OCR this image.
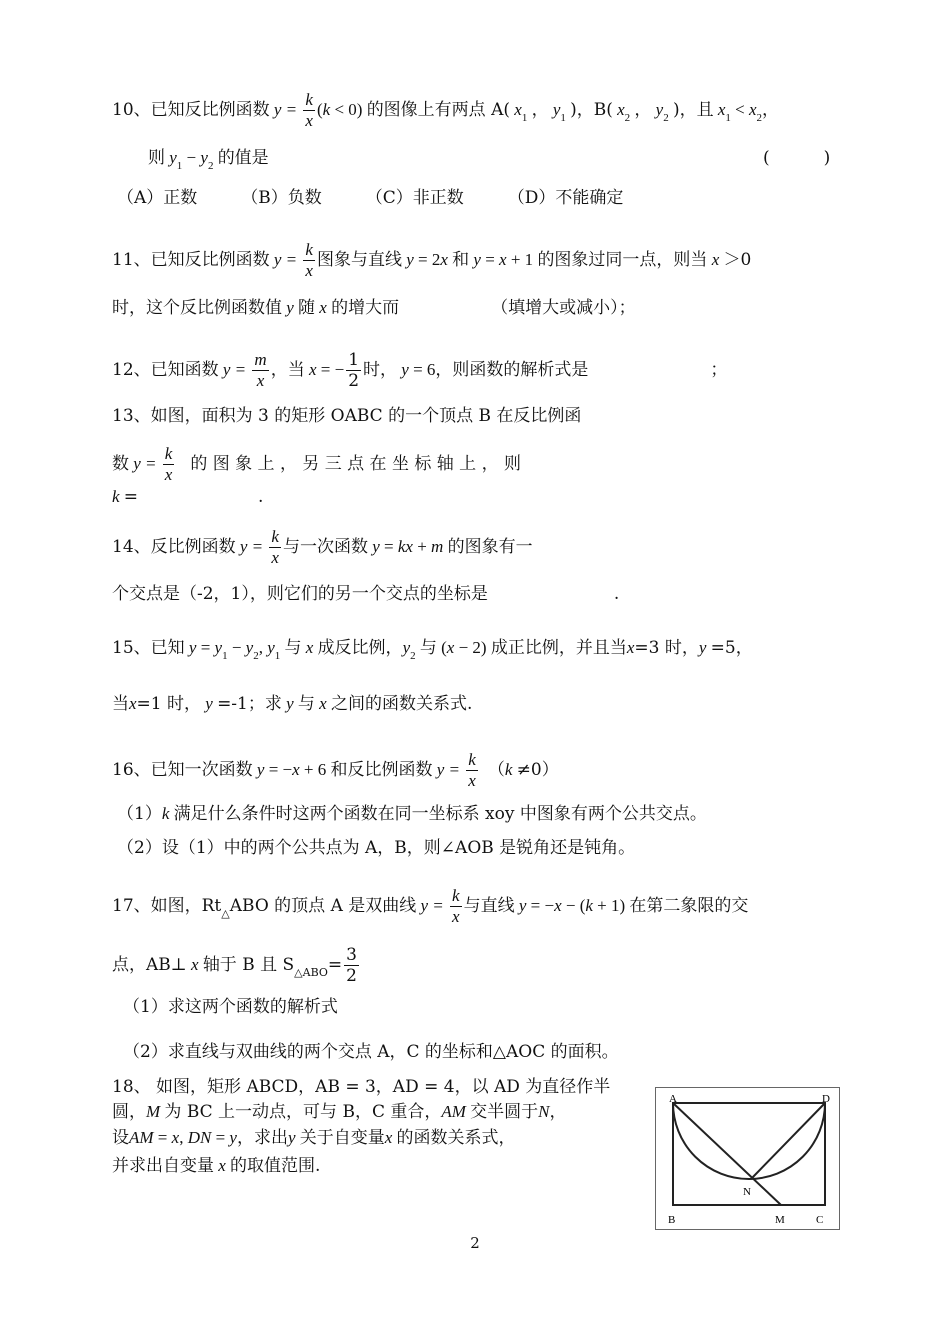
10、已知反比例函数 $y = \frac{k}{x} (k < 0)$ 的图像上有两点 A( $x_1$ ， $y_1$ )，B( $x_2$ ， $y_2$ )，且 $x_1 < x_2$，
则 $y_1 - y_2$ 的值是	(          )
（A）正数	（B）负数	（C）非正数	（D）不能确定
11、已知反比例函数 $y = \frac{k}{x}$ 图象与直线 y = 2x 和 y = x + 1 的图象过同一点，则当 x ＞0
时，这个反比例函数值 y 随 x 的增大而	（填增大或减小）；
12、已知函数 $y = \frac{m}{x}$ ，当 x = − $\frac{1}{2}$ 时， y = 6，则函数的解析式是	；
13、如图，面积为 3 的矩形 OABC 的一个顶点 B 在反比例函
数 $y = \frac{k}{x}$ 的 图 象 上 ， 另 三 点 在 坐 标 轴 上 ， 则
k =	.
14、反比例函数 $y = \frac{k}{x}$ 与一次函数 y = kx + m 的图象有一
个交点是（-2，1），则它们的另一个交点的坐标是	.
15、已知 $y = y_1 - y_2$, $y_1$ 与 x 成反比例，$y_2$ 与 (x − 2) 成正比例，并且当x=3 时，y =5，
当x=1 时， y =-1；求 y 与 x 之间的函数关系式.
16、已知一次函数 y = −x + 6 和反比例函数 $y = \frac{k}{x} (k \ne 0)$
（1）k 满足什么条件时这两个函数在同一坐标系 xoy 中图象有两个公共交点。
（2）设（1）中的两个公共点为 A，B，则∠AOB 是锐角还是钝角。
17、如图，$Rt_\triangle ABO$ 的顶点 A 是双曲线 $y = \frac{k}{x}$ 与直线 y = −x − (k + 1) 在第二象限的交
点，AB⊥ x 轴于 B 且 $S_{\triangle ABO}= \frac{3}{2}$
（1）求这两个函数的解析式
（2）求直线与双曲线的两个交点 A，C 的坐标和△AOC 的面积。
18、 如图，矩形 ABCD，AB = 3，AD = 4，以 AD 为直径作半
圆，M 为 BC 上一动点，可与 B，C 重合，AM 交半圆于N，
设AM = x, DN = y，求出y 关于自变量x 的函数关系式，
并求出自变量 x 的取值范围.
A	D
B	C
M
N
2
